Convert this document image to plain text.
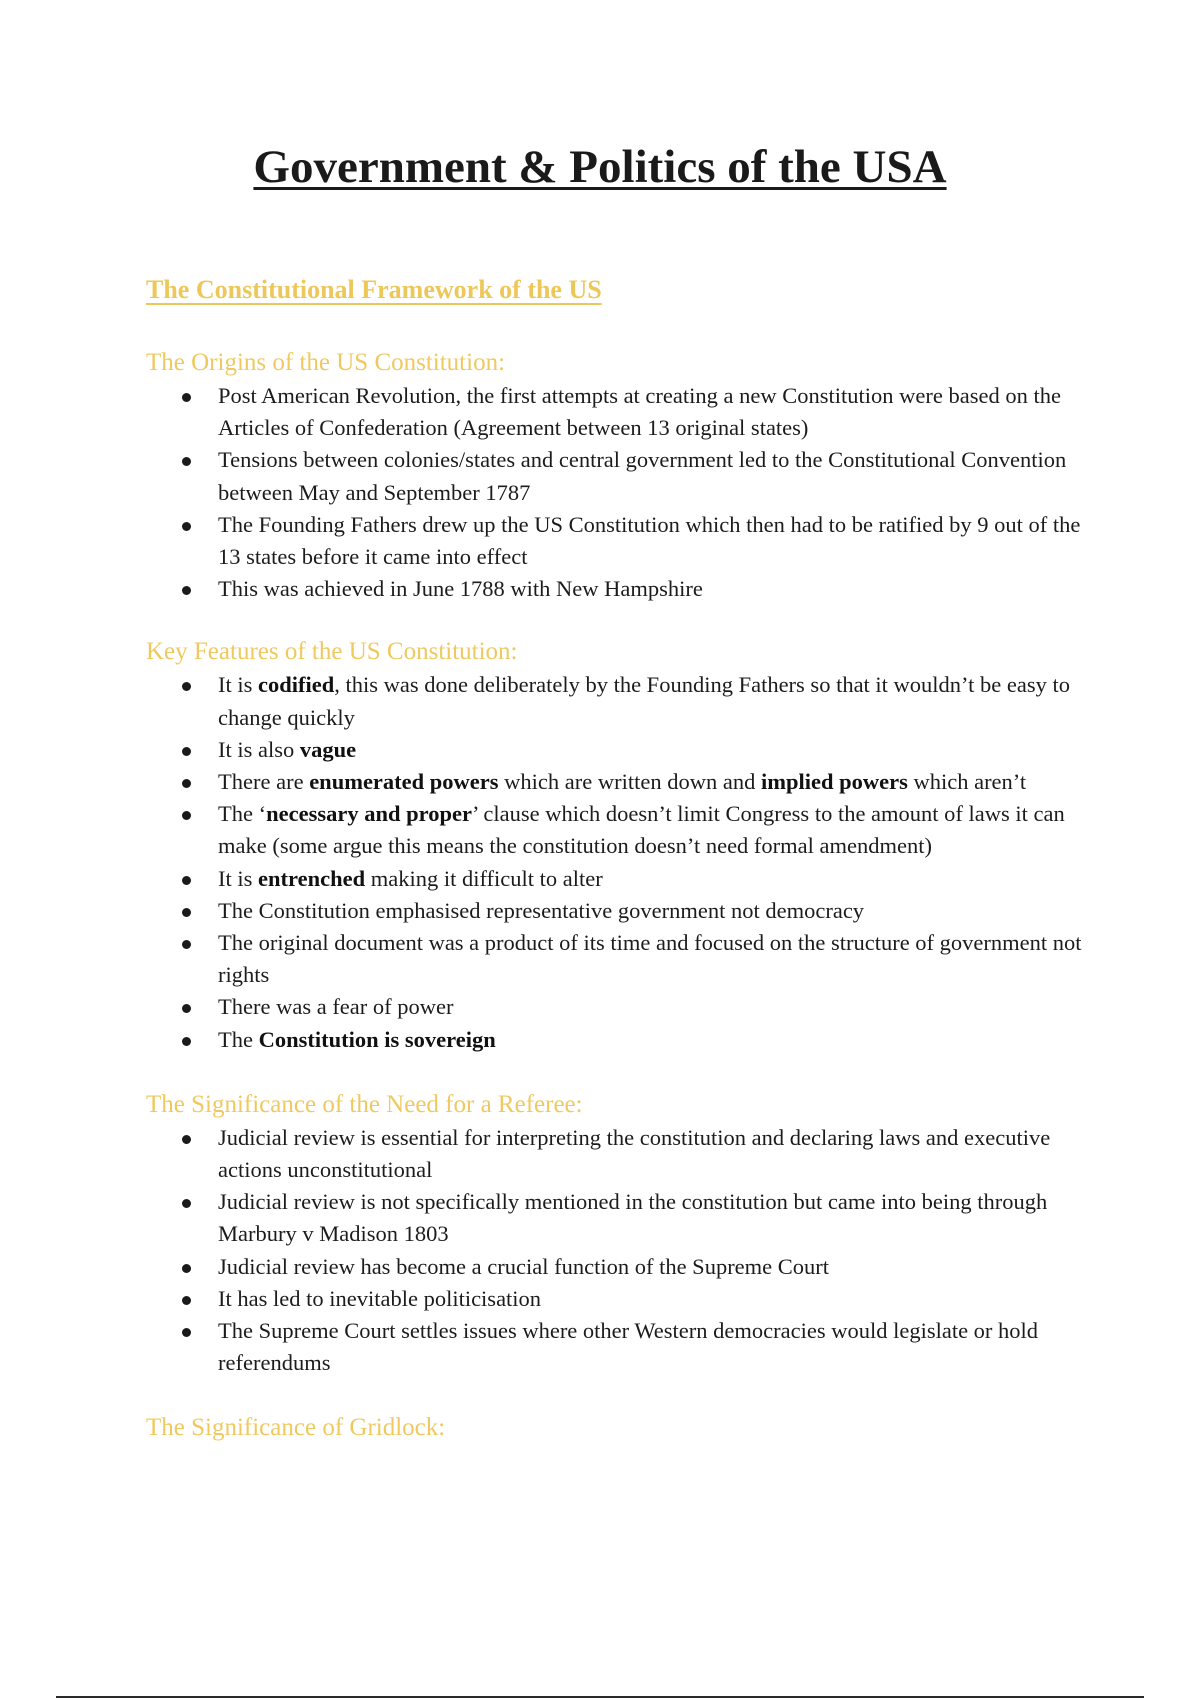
Government & Politics of the USA
The Constitutional Framework of the US
The Origins of the US Constitution:
Post American Revolution, the first attempts at creating a new Constitution were based on the Articles of Confederation (Agreement between 13 original states)
Tensions between colonies/states and central government led to the Constitutional Convention between May and September 1787
The Founding Fathers drew up the US Constitution which then had to be ratified by 9 out of the 13 states before it came into effect
This was achieved in June 1788 with New Hampshire
Key Features of the US Constitution:
It is codified, this was done deliberately by the Founding Fathers so that it wouldn’t be easy to change quickly
It is also vague
There are enumerated powers which are written down and implied powers which aren’t
The ‘necessary and proper’ clause which doesn’t limit Congress to the amount of laws it can make (some argue this means the constitution doesn’t need formal amendment)
It is entrenched making it difficult to alter
The Constitution emphasised representative government not democracy
The original document was a product of its time and focused on the structure of government not rights
There was a fear of power
The Constitution is sovereign
The Significance of the Need for a Referee:
Judicial review is essential for interpreting the constitution and declaring laws and executive actions unconstitutional
Judicial review is not specifically mentioned in the constitution but came into being through Marbury v Madison 1803
Judicial review has become a crucial function of the Supreme Court
It has led to inevitable politicisation
The Supreme Court settles issues where other Western democracies would legislate or hold referendums
The Significance of Gridlock:
